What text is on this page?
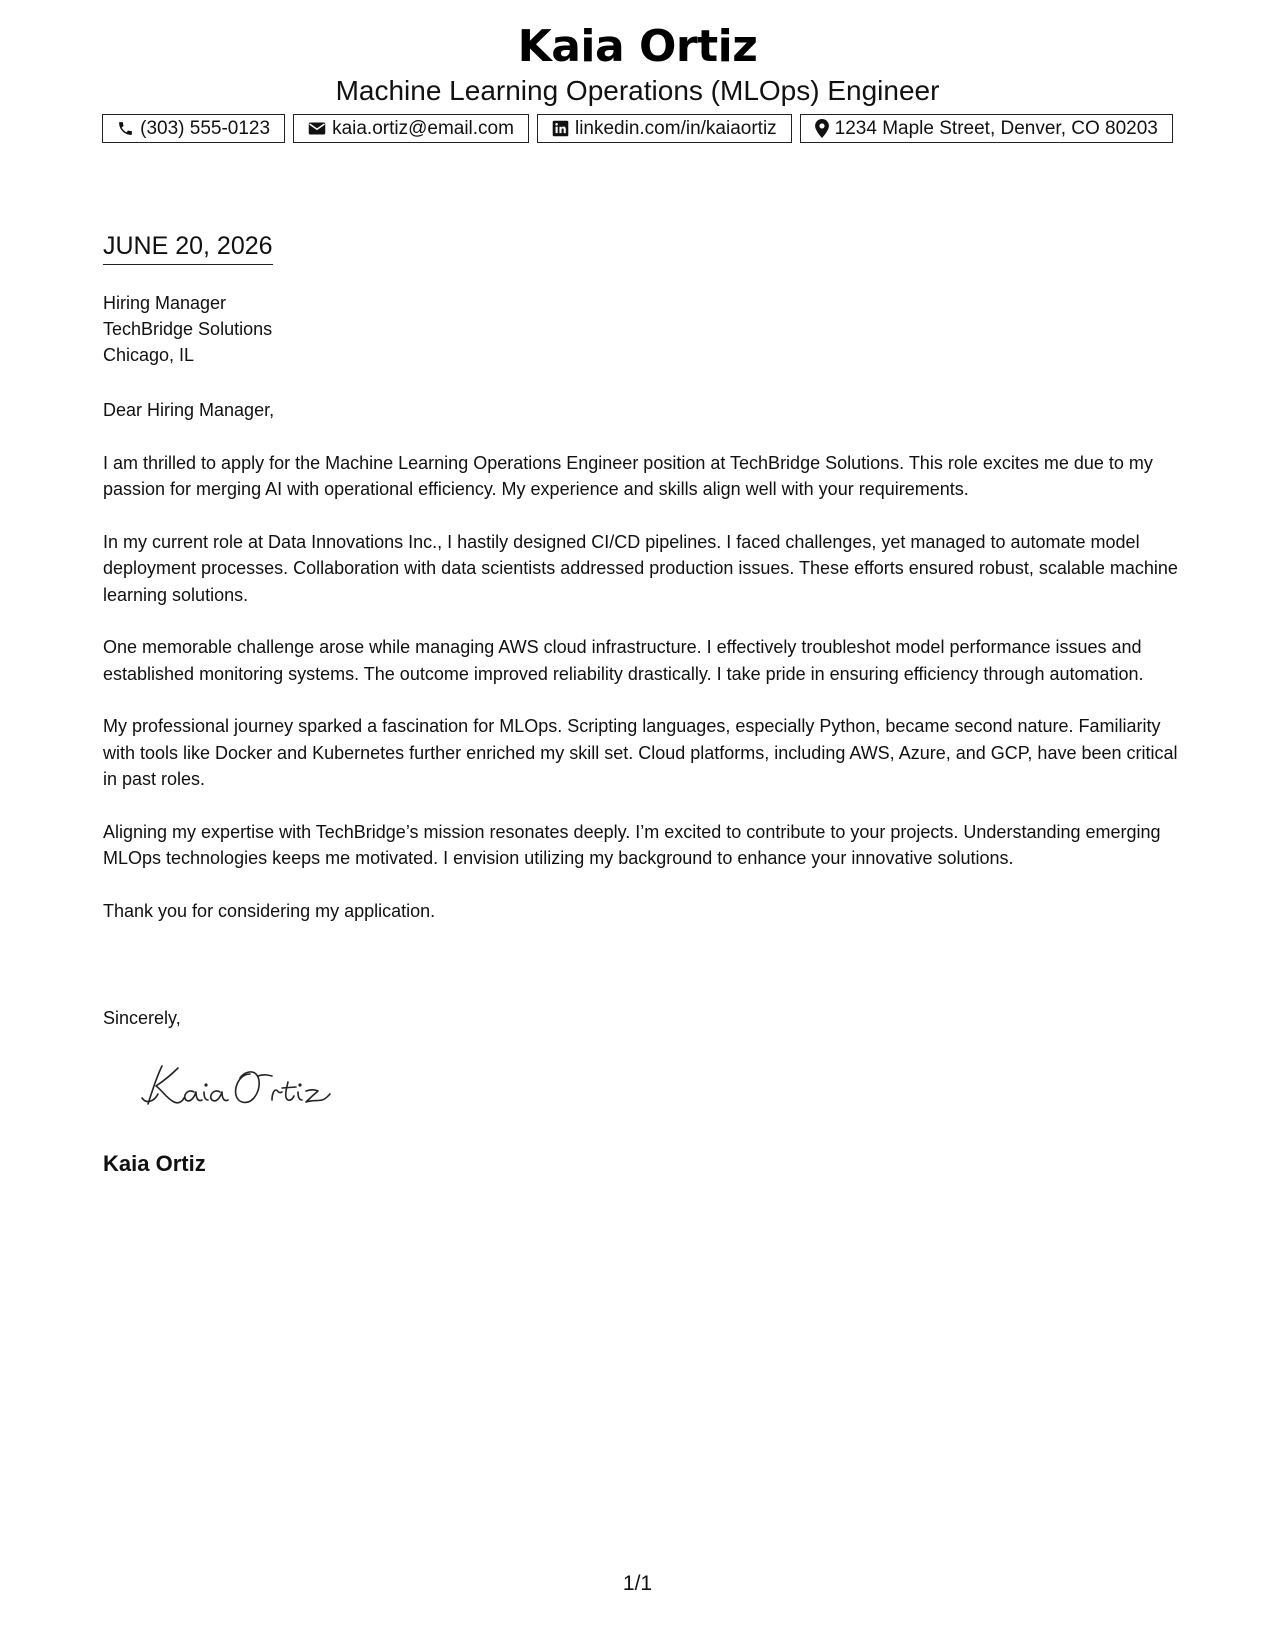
Kaia Ortiz
Machine Learning Operations (MLOps) Engineer
(303) 555-0123	kaia.ortiz@email.com	linkedin.com/in/kaiaortiz	1234 Maple Street, Denver, CO 80203
JUNE 20, 2026
Hiring Manager
TechBridge Solutions
Chicago, IL

Dear Hiring Manager,

I am thrilled to apply for the Machine Learning Operations Engineer position at TechBridge Solutions. This role excites me due to my passion for merging AI with operational efficiency. My experience and skills align well with your requirements.

In my current role at Data Innovations Inc., I hastily designed CI/CD pipelines. I faced challenges, yet managed to automate model deployment processes. Collaboration with data scientists addressed production issues. These efforts ensured robust, scalable machine learning solutions.

One memorable challenge arose while managing AWS cloud infrastructure. I effectively troubleshot model performance issues and established monitoring systems. The outcome improved reliability drastically. I take pride in ensuring efficiency through automation.

My professional journey sparked a fascination for MLOps. Scripting languages, especially Python, became second nature. Familiarity with tools like Docker and Kubernetes further enriched my skill set. Cloud platforms, including AWS, Azure, and GCP, have been critical in past roles.

Aligning my expertise with TechBridge’s mission resonates deeply. I’m excited to contribute to your projects. Understanding emerging MLOps technologies keeps me motivated. I envision utilizing my background to enhance your innovative solutions.

Thank you for considering my application.

Sincerely,
Kaia Ortiz
1/1
